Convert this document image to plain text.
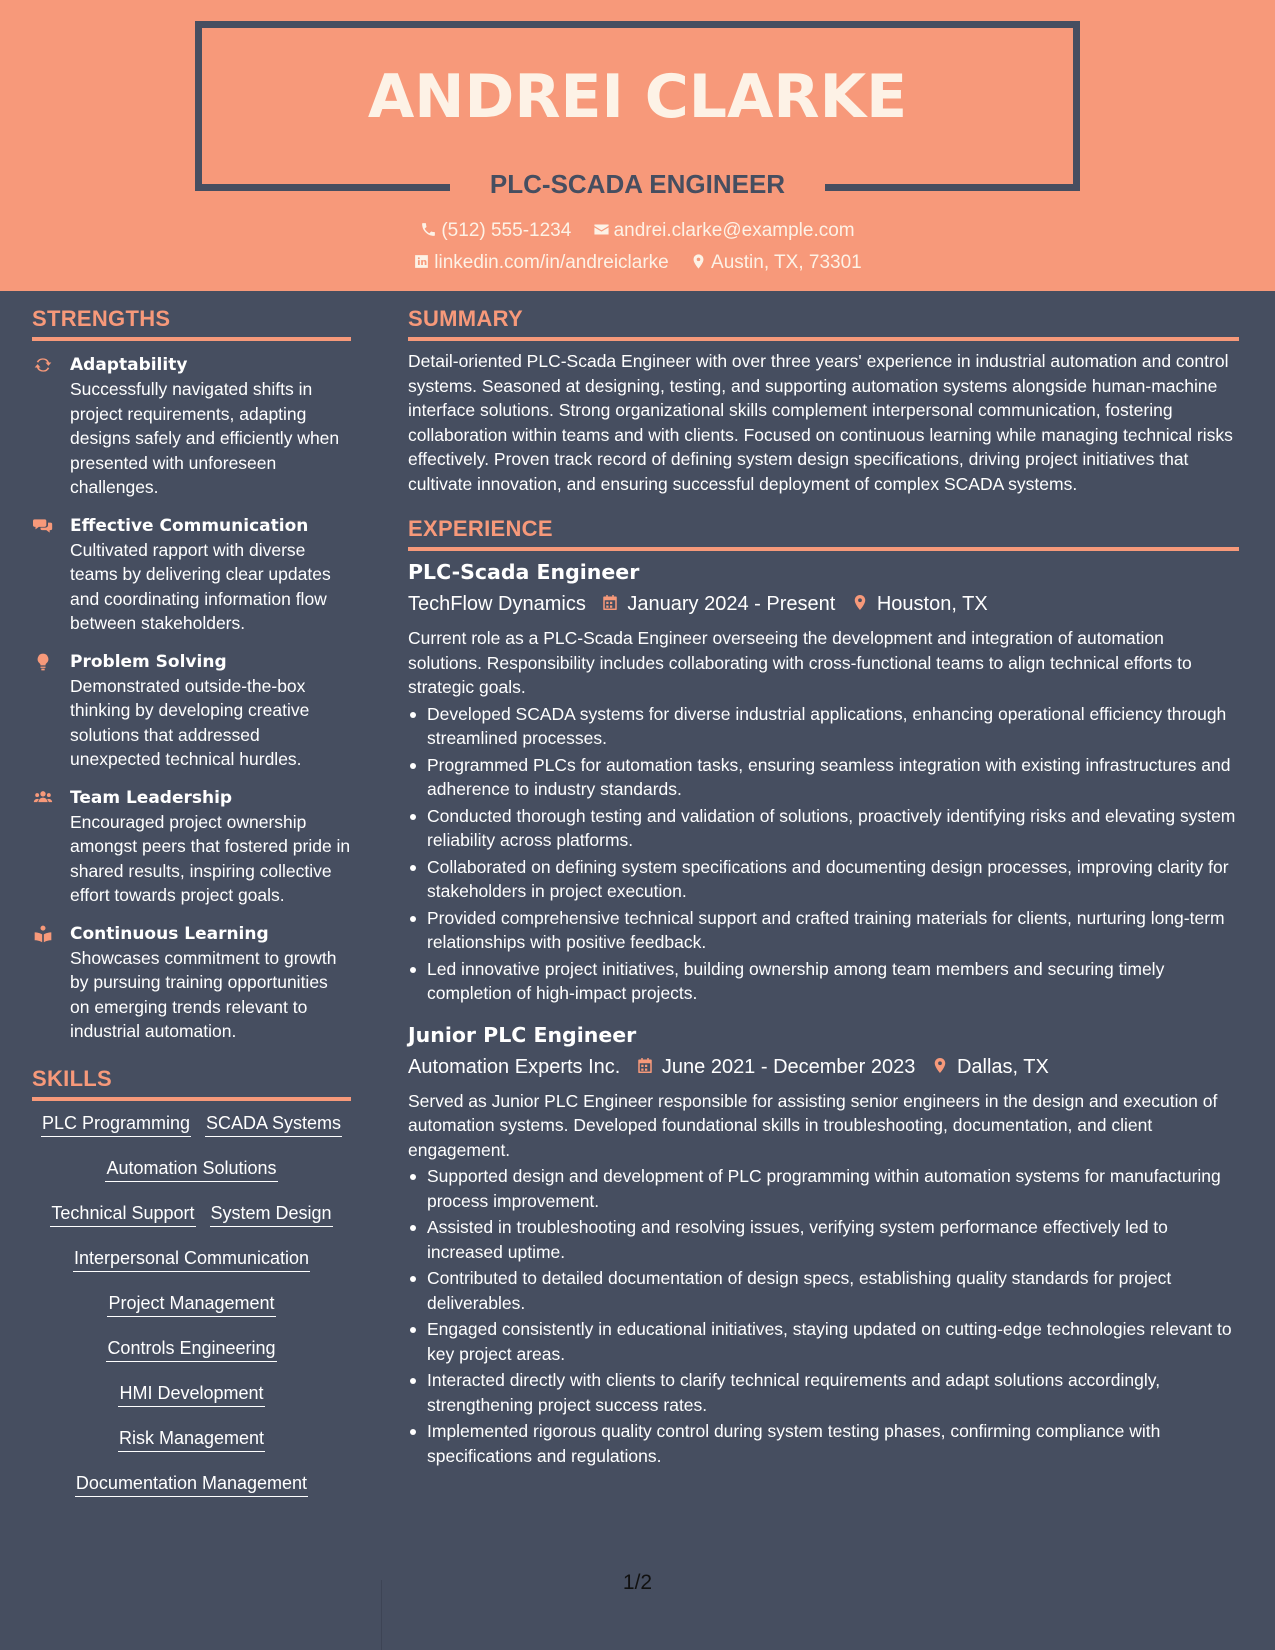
ANDREI CLARKE
PLC-SCADA ENGINEER
(512) 555-1234 andrei.clarke@example.com
linkedin.com/in/andreiclarke Austin, TX, 73301
STRENGTHS
Adaptability
Successfully navigated shifts in project requirements, adapting designs safely and efficiently when presented with unforeseen challenges.
Effective Communication
Cultivated rapport with diverse teams by delivering clear updates and coordinating information flow between stakeholders.
Problem Solving
Demonstrated outside-the-box thinking by developing creative solutions that addressed unexpected technical hurdles.
Team Leadership
Encouraged project ownership amongst peers that fostered pride in shared results, inspiring collective effort towards project goals.
Continuous Learning
Showcases commitment to growth by pursuing training opportunities on emerging trends relevant to industrial automation.
SKILLS
PLC Programming SCADA Systems
Automation Solutions
Technical Support System Design
Interpersonal Communication
Project Management
Controls Engineering
HMI Development
Risk Management
Documentation Management
SUMMARY
Detail-oriented PLC-Scada Engineer with over three years' experience in industrial automation and control systems. Seasoned at designing, testing, and supporting automation systems alongside human-machine interface solutions. Strong organizational skills complement interpersonal communication, fostering collaboration within teams and with clients. Focused on continuous learning while managing technical risks effectively. Proven track record of defining system design specifications, driving project initiatives that cultivate innovation, and ensuring successful deployment of complex SCADA systems.
EXPERIENCE
PLC-Scada Engineer
TechFlow Dynamics January 2024 - Present Houston, TX
Current role as a PLC-Scada Engineer overseeing the development and integration of automation solutions. Responsibility includes collaborating with cross-functional teams to align technical efforts to strategic goals.
Developed SCADA systems for diverse industrial applications, enhancing operational efficiency through streamlined processes.
Programmed PLCs for automation tasks, ensuring seamless integration with existing infrastructures and adherence to industry standards.
Conducted thorough testing and validation of solutions, proactively identifying risks and elevating system reliability across platforms.
Collaborated on defining system specifications and documenting design processes, improving clarity for stakeholders in project execution.
Provided comprehensive technical support and crafted training materials for clients, nurturing long-term relationships with positive feedback.
Led innovative project initiatives, building ownership among team members and securing timely completion of high-impact projects.
Junior PLC Engineer
Automation Experts Inc. June 2021 - December 2023 Dallas, TX
Served as Junior PLC Engineer responsible for assisting senior engineers in the design and execution of automation systems. Developed foundational skills in troubleshooting, documentation, and client engagement.
Supported design and development of PLC programming within automation systems for manufacturing process improvement.
Assisted in troubleshooting and resolving issues, verifying system performance effectively led to increased uptime.
Contributed to detailed documentation of design specs, establishing quality standards for project deliverables.
Engaged consistently in educational initiatives, staying updated on cutting-edge technologies relevant to key project areas.
Interacted directly with clients to clarify technical requirements and adapt solutions accordingly, strengthening project success rates.
Implemented rigorous quality control during system testing phases, confirming compliance with specifications and regulations.
1/2
